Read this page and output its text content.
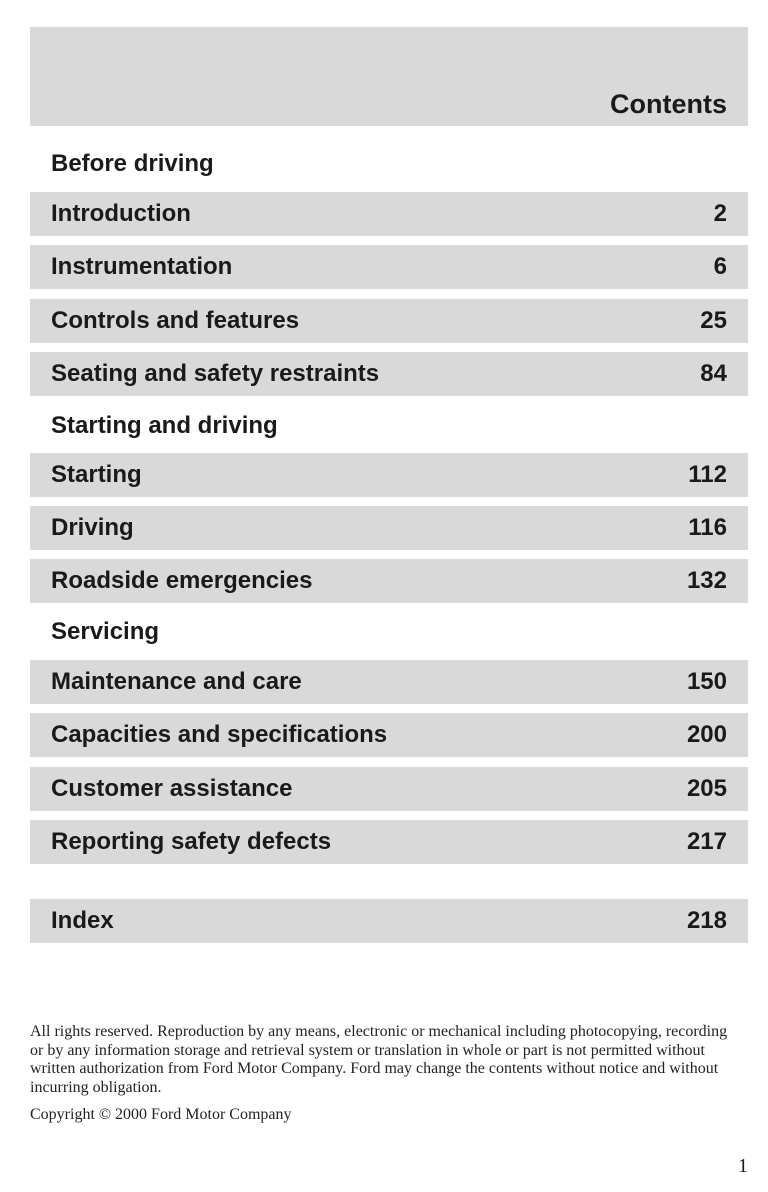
Contents
Before driving
Introduction	2
Instrumentation	6
Controls and features	25
Seating and safety restraints	84
Starting and driving
Starting	112
Driving	116
Roadside emergencies	132
Servicing
Maintenance and care	150
Capacities and specifications	200
Customer assistance	205
Reporting safety defects	217
Index	218
All rights reserved. Reproduction by any means, electronic or mechanical including photocopying, recording or by any information storage and retrieval system or translation in whole or part is not permitted without written authorization from Ford Motor Company. Ford may change the contents without notice and without incurring obligation.
Copyright © 2000 Ford Motor Company
1
